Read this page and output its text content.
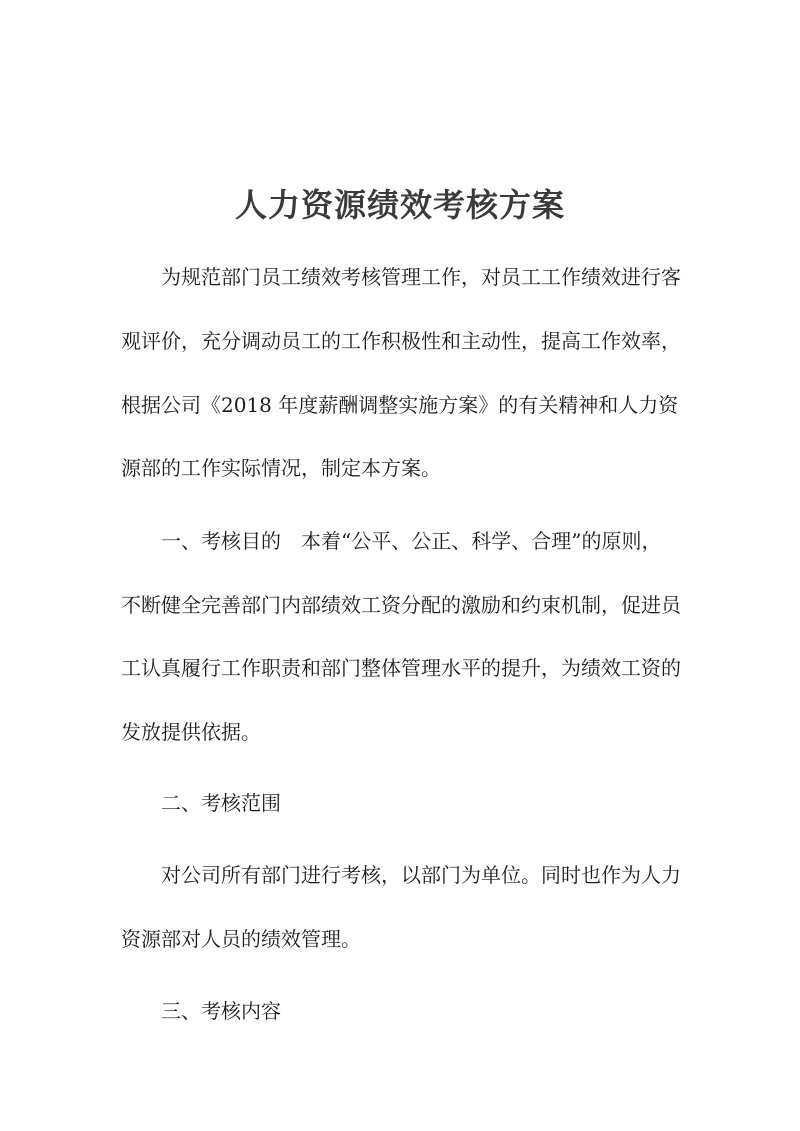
人力资源绩效考核方案
为规范部门员工绩效考核管理工作，对员工工作绩效进行客
观评价，充分调动员工的工作积极性和主动性，提高工作效率，
根据公司《2018 年度薪酬调整实施方案》的有关精神和人力资
源部的工作实际情况，制定本方案。
一、考核目的　本着“公平、公正、科学、合理”的原则，
不断健全完善部门内部绩效工资分配的激励和约束机制，促进员
工认真履行工作职责和部门整体管理水平的提升，为绩效工资的
发放提供依据。
二、考核范围
对公司所有部门进行考核，以部门为单位。同时也作为人力
资源部对人员的绩效管理。
三、考核内容
